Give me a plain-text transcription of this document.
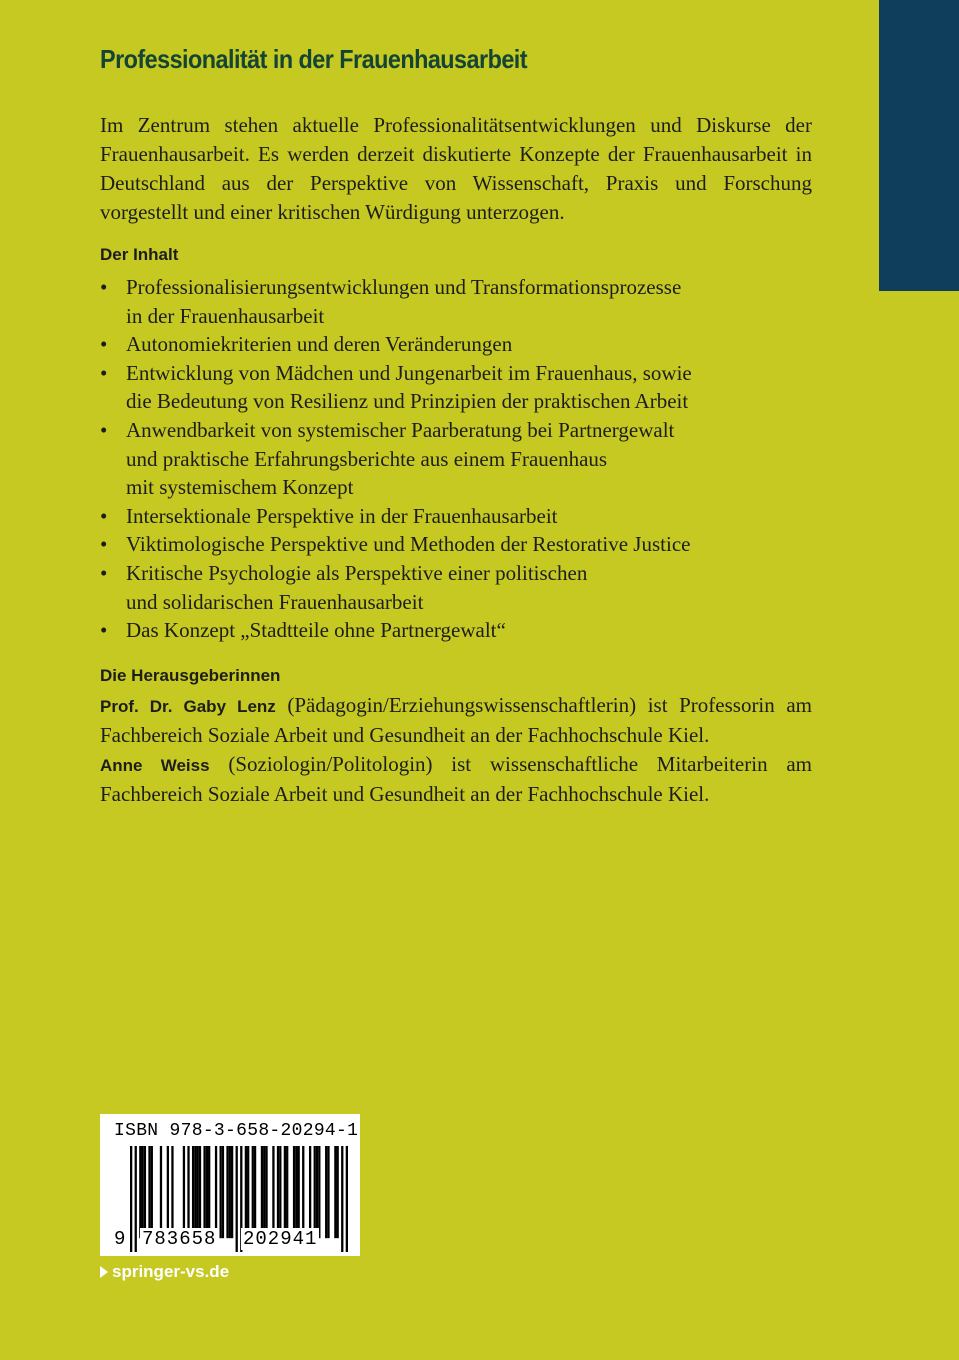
Professionalität in der Frauenhausarbeit

Im Zentrum stehen aktuelle Professionalitätsentwicklungen und Diskurse der Frauenhausarbeit. Es werden derzeit diskutierte Konzepte der Frauenhausarbeit in Deutschland aus der Perspektive von Wissenschaft, Praxis und Forschung vorgestellt und einer kritischen Würdigung unterzogen.

Der Inhalt
• Professionalisierungsentwicklungen und Transformationsprozesse
in der Frauenhausarbeit
• Autonomiekriterien und deren Veränderungen
• Entwicklung von Mädchen und Jungenarbeit im Frauenhaus, sowie
die Bedeutung von Resilienz und Prinzipien der praktischen Arbeit
• Anwendbarkeit von systemischer Paarberatung bei Partnergewalt
und praktische Erfahrungsberichte aus einem Frauenhaus
mit systemischem Konzept
• Intersektionale Perspektive in der Frauenhausarbeit
• Viktimologische Perspektive und Methoden der Restorative Justice
• Kritische Psychologie als Perspektive einer politischen
und solidarischen Frauenhausarbeit
• Das Konzept „Stadtteile ohne Partnergewalt“
Die Herausgeberinnen

Prof. Dr. Gaby Lenz (Pädagogin/Erziehungswissenschaftlerin) ist Professorin am Fachbereich Soziale Arbeit und Gesundheit an der Fachhochschule Kiel.

Anne Weiss (Soziologin/Politologin) ist wissenschaftliche Mitarbeiterin am Fachbereich Soziale Arbeit und Gesundheit an der Fachhochschule Kiel.

ISBN 978-3-658-20294-1
9 783658 202941
springer-vs.de
